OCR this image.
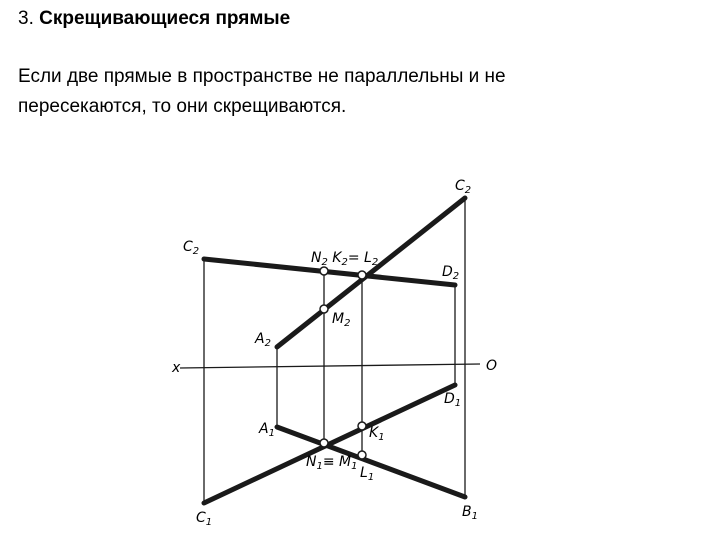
3. Скрещивающиеся прямые

Если две прямые в пространстве не параллельны и не

пересекаются, то они скрещиваются.

$C_2$
$C_2$	$N_2$ $K_2= L_2$
$D_2$
$M_2$
$A_2$
x	O
$D_1$
$A_1$	$K_1$
$N_1\equiv M_1$ $L_1$
$C_1$
$B_1$
